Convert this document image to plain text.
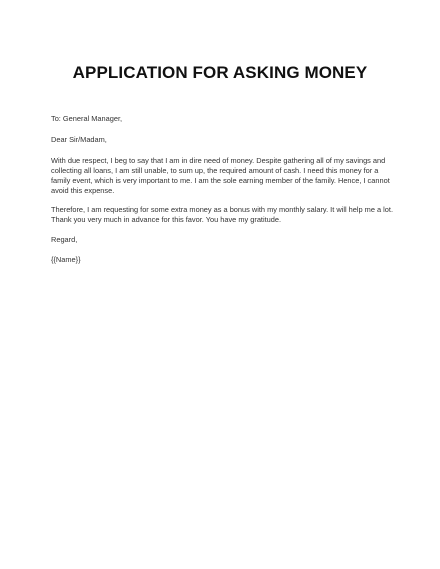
APPLICATION FOR ASKING MONEY
To: General Manager,
Dear Sir/Madam,
With due respect, I beg to say that I am in dire need of money. Despite gathering all of my savings and
collecting all loans, I am still unable, to sum up, the required amount of cash. I need this money for a
family event, which is very important to me. I am the sole earning member of the family. Hence, I cannot
avoid this expense.
Therefore, I am requesting for some extra money as a bonus with my monthly salary. It will help me a lot.
Thank you very much in advance for this favor. You have my gratitude.
Regard,
{{Name}}
